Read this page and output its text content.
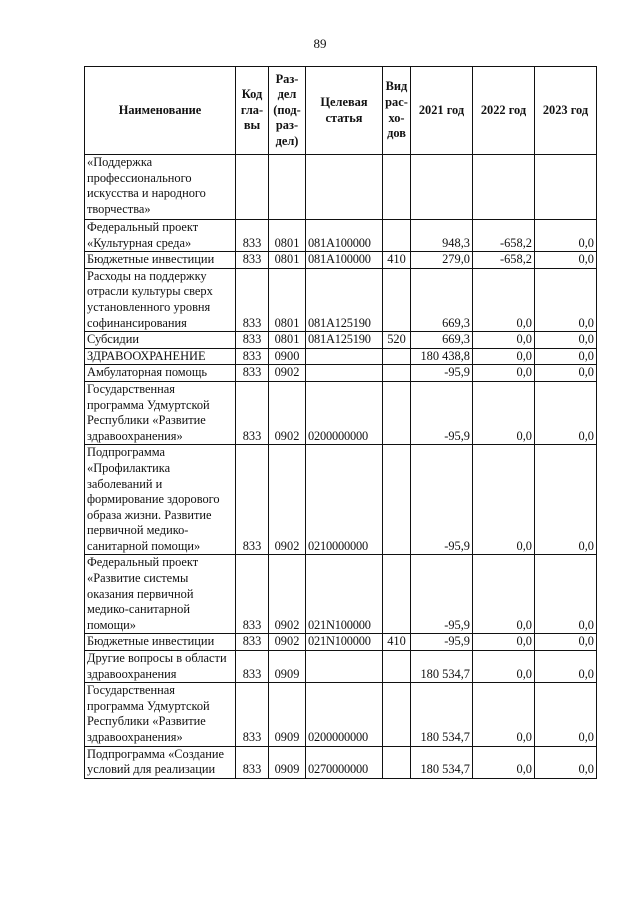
89
Наименование	Код гла-вы	Раз-дел (под-раз-дел)	Целевая статья	Вид рас-хо-дов	2021 год	2022 год	2023 год
«Поддержка профессионального искусства и народного творчества»							
Федеральный проект «Культурная среда»	833	0801	081A100000		948,3	-658,2	0,0
Бюджетные инвестиции	833	0801	081A100000	410	279,0	-658,2	0,0
Расходы на поддержку отрасли культуры сверх установленного уровня софинансирования	833	0801	081A125190		669,3	0,0	0,0
Субсидии	833	0801	081A125190	520	669,3	0,0	0,0
ЗДРАВООХРАНЕНИЕ	833	0900			180 438,8	0,0	0,0
Амбулаторная помощь	833	0902			-95,9	0,0	0,0
Государственная программа Удмуртской Республики «Развитие здравоохранения»	833	0902	0200000000		-95,9	0,0	0,0
Подпрограмма «Профилактика заболеваний и формирование здорового образа жизни. Развитие первичной медико-санитарной помощи»	833	0902	0210000000		-95,9	0,0	0,0
Федеральный проект «Развитие системы оказания первичной медико-санитарной помощи»	833	0902	021N100000		-95,9	0,0	0,0
Бюджетные инвестиции	833	0902	021N100000	410	-95,9	0,0	0,0
Другие вопросы в области здравоохранения	833	0909			180 534,7	0,0	0,0
Государственная программа Удмуртской Республики «Развитие здравоохранения»	833	0909	0200000000		180 534,7	0,0	0,0
Подпрограмма «Создание условий для реализации	833	0909	0270000000		180 534,7	0,0	0,0
